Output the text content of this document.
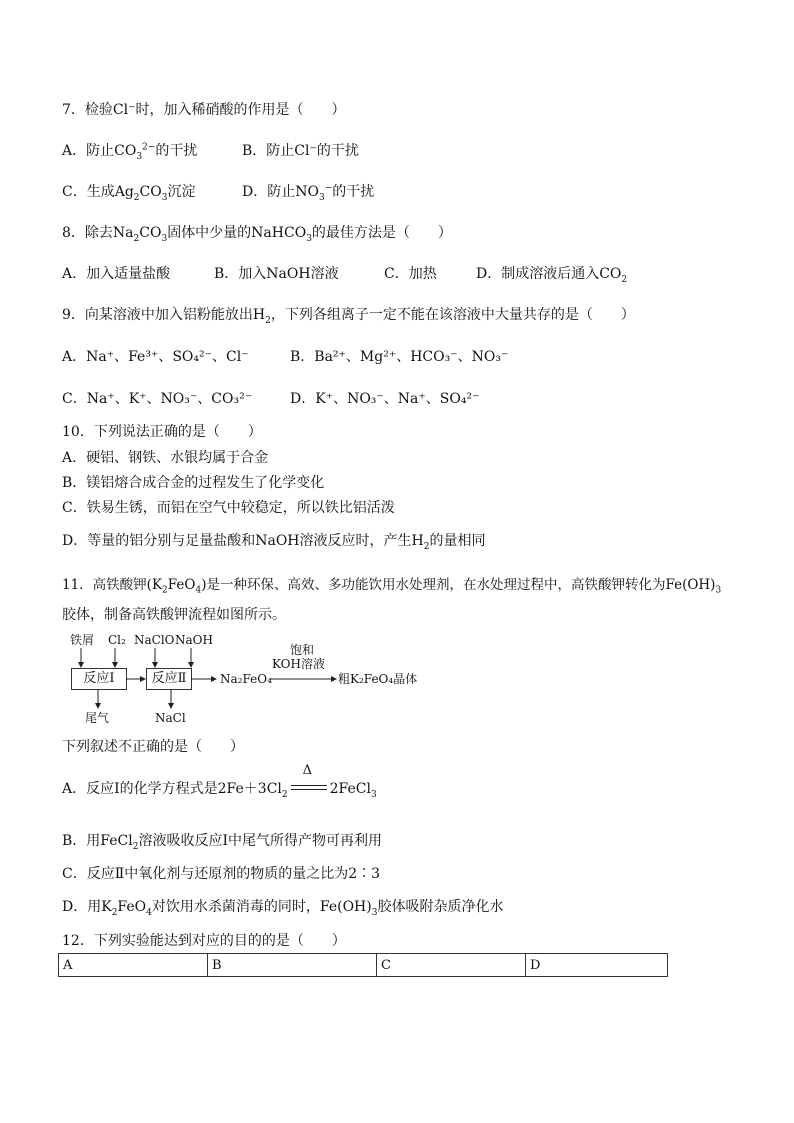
7．检验Cl⁻时，加入稀硝酸的作用是（　　）
A．防止$CO_3^{2-}$的干扰	B．防止Cl⁻的干扰
C．生成$Ag_2CO_3$沉淀	D．防止$NO_3^-$的干扰
8．除去$Na_2CO_3$固体中少量的NaHCO$_3$的最佳方法是（　　）
A．加入适量盐酸	B．加入NaOH溶液	C．加热	D．制成溶液后通入$CO_2$
9．向某溶液中加入铝粉能放出$H_2$，下列各组离子一定不能在该溶液中大量共存的是（　　）
A．Na⁺、Fe³⁺、SO₄²⁻、Cl⁻	B．Ba²⁺、Mg²⁺、HCO₃⁻、NO₃⁻
C．Na⁺、K⁺、NO₃⁻、CO₃²⁻	D．K⁺、NO₃⁻、Na⁺、SO₄²⁻
10．下列说法正确的是（　　）
A．硬铝、钢铁、水银均属于合金
B．镁铝熔合成合金的过程发生了化学变化
C．铁易生锈，而铝在空气中较稳定，所以铁比铝活泼
D．等量的铝分别与足量盐酸和NaOH溶液反应时，产生$H_2$的量相同
11．高铁酸钾$(K_2FeO_4)$是一种环保、高效、多功能饮用水处理剂，在水处理过程中，高铁酸钾转化为$Fe(OH)_3$
胶体，制备高铁酸钾流程如图所示。
铁屑 Cl₂ NaClO NaOH
反应Ⅰ	反应Ⅱ
尾气	NaCl
Na₂FeO₄
饱和
KOH溶液
粗K₂FeO₄晶体
下列叙述不正确的是（　　）
A．反应Ⅰ的化学方程式是$2Fe+3Cl_2$
Δ
2FeCl$_3$
B．用FeCl$_2$溶液吸收反应Ⅰ中尾气所得产物可再利用
C．反应Ⅱ中氧化剂与还原剂的物质的量之比为2∶3
D．用$K_2FeO_4$对饮用水杀菌消毒的同时，$Fe(OH)_3$胶体吸附杂质净化水
12．下列实验能达到对应的目的的是（　　）
A	B	C	D
